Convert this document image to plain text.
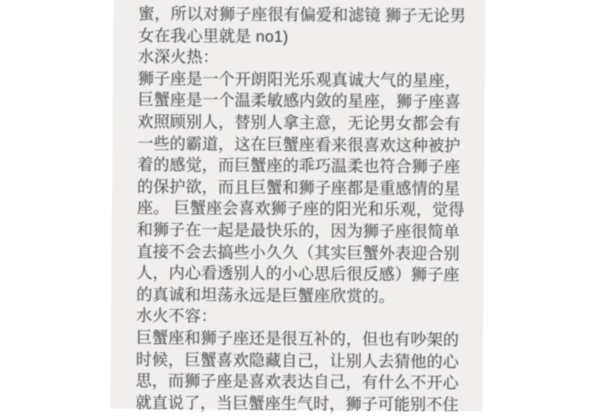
蜜，所以对狮子座很有偏爱和滤镜 狮子无论男
女在我心里就是 no1)
水深火热：
狮子座是一个开朗阳光乐观真诚大气的星座，
巨蟹座是一个温柔敏感内敛的星座，狮子座喜
欢照顾别人，替别人拿主意，无论男女都会有
一些的霸道，这在巨蟹座看来很喜欢这种被护
着的感觉，而巨蟹座的乖巧温柔也符合狮子座
的保护欲，而且巨蟹和狮子座都是重感情的星
座。 巨蟹座会喜欢狮子座的阳光和乐观，觉得
和狮子在一起是最快乐的，因为狮子座很简单
直接不会去搞些小久久（其实巨蟹外表迎合别
人，内心看透别人的小心思后很反感）狮子座
的真诚和坦荡永远是巨蟹座欣赏的。
水火不容：
巨蟹座和狮子座还是很互补的，但也有吵架的
时候，巨蟹喜欢隐藏自己，让别人去猜他的心
思，而狮子座是喜欢表达自己，有什么不开心
就直说了，当巨蟹座生气时，狮子可能别不住
